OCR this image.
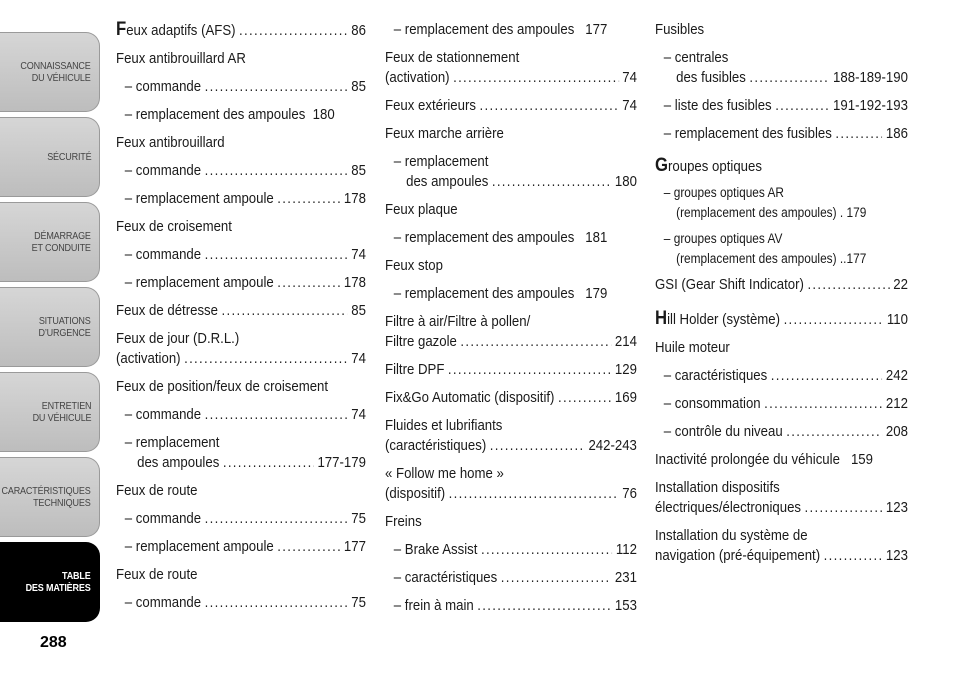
CONNAISSANCE
DU VÉHICULE
SÉCURITÉ
DÉMARRAGE
ET CONDUITE
SITUATIONS
D’URGENCE
ENTRETIEN
DU VÉHICULE
CARACTÉRISTIQUES
TECHNIQUES
TABLE
DES MATIÈRES
288
Feux adaptifs (AFS) .....	86
Feux antibrouillard AR
– commande .....	85
– remplacement des ampoules
180
Feux antibrouillard
– commande .....	85
– remplacement ampoule .....	178
Feux de croisement
– commande .....	74
– remplacement ampoule .....	178
Feux de détresse .....	85
Feux de jour (D.R.L.)
(activation) .....	74
Feux de position/feux de croisement
– commande .....	74
– remplacement
des ampoules .....	177-179
Feux de route
– commande .....	75
– remplacement ampoule .....	177
Feux de route
– commande .....	75
– remplacement des ampoules
177
Feux de stationnement
(activation) .....	74
Feux extérieurs .....	74
Feux marche arrière
– remplacement
des ampoules .....	180
Feux plaque
– remplacement des ampoules
181
Feux stop
– remplacement des ampoules
179
Filtre à air/Filtre à pollen/
Filtre gazole .....	214
Filtre DPF .....	129
Fix&Go Automatic (dispositif) .....	169
Fluides et lubrifiants
(caractéristiques) .....	242-243
« Follow me home »
(dispositif) .....	76
Freins
– Brake Assist .....	112
– caractéristiques .....	231
– frein à main .....	153
Fusibles
– centrales
des fusibles .....	188-189-190
– liste des fusibles .....	191-192-193
– remplacement des fusibles .....	186
Groupes optiques
– groupes optiques AR
(remplacement des ampoules) . 179
– groupes optiques AV
(remplacement des ampoules) .. 177
GSI (Gear Shift Indicator) .....	22
Hill Holder (système) .....	110
Huile moteur
– caractéristiques .....	242
– consommation .....	212
– contrôle du niveau .....	208
Inactivité prolongée du véhicule
159
Installation dispositifs
électriques/électroniques .....	123
Installation du système de
navigation (pré-équipement) .....	123
